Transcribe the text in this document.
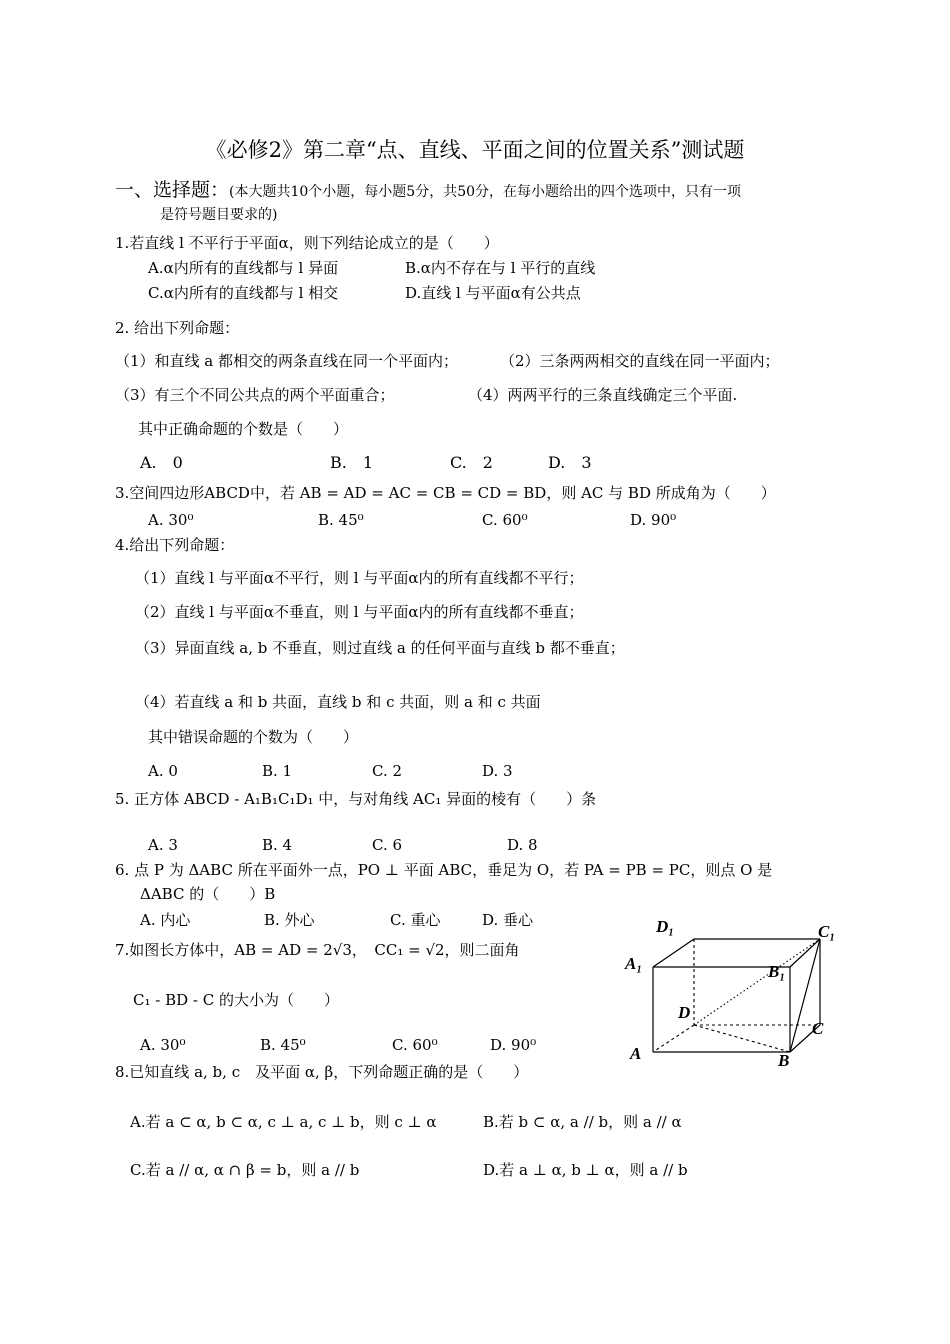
《必修2》第二章“点、直线、平面之间的位置关系”测试题
一、选择题：(本大题共10个小题，每小题5分，共50分，在每小题给出的四个选项中，只有一项
是符号题目要求的)
1.若直线 l 不平行于平面α，则下列结论成立的是（　　）
A.α内所有的直线都与 l 异面	B.α内不存在与 l 平行的直线
C.α内所有的直线都与 l 相交	D.直线 l 与平面α有公共点
2. 给出下列命题：
（1）和直线 a 都相交的两条直线在同一个平面内；	（2）三条两两相交的直线在同一平面内；
（3）有三个不同公共点的两个平面重合；	（4）两两平行的三条直线确定三个平面.
其中正确命题的个数是（　　）
A.　0	B.　1	C.　2	D.　3
3.空间四边形ABCD中，若 AB = AD = AC = CB = CD = BD，则 AC 与 BD 所成角为（　　）
A. 30⁰	B. 45⁰	C. 60⁰	D. 90⁰
4.给出下列命题：
（1）直线 l 与平面α不平行，则 l 与平面α内的所有直线都不平行；
（2）直线 l 与平面α不垂直，则 l 与平面α内的所有直线都不垂直；
（3）异面直线 a, b 不垂直，则过直线 a 的任何平面与直线 b 都不垂直；
（4）若直线 a 和 b 共面，直线 b 和 c 共面，则 a 和 c 共面
其中错误命题的个数为（　　）
A. 0	B. 1	C. 2	D. 3
5. 正方体 ABCD - A₁B₁C₁D₁ 中，与对角线 AC₁ 异面的棱有（　　）条
A. 3	B. 4	C. 6	D. 8
6. 点 P 为 ΔABC 所在平面外一点，PO ⊥ 平面 ABC，垂足为 O，若 PA = PB = PC，则点 O 是
ΔABC 的（　　）B
A. 内心	B. 外心	C. 重心	D. 垂心
7.如图长方体中，AB = AD = 2√3，　CC₁ = √2，则二面角
C₁ - BD - C 的大小为（　　）
A. 30⁰	B. 45⁰	C. 60⁰	D. 90⁰
8.已知直线 a, b, c　及平面 α, β，下列命题正确的是（　　）
A.若 a ⊂ α, b ⊂ α, c ⊥ a, c ⊥ b，则 c ⊥ α	B.若 b ⊂ α, a // b，则 a // α
C.若 a // α, α ∩ β = b，则 a // b	D.若 a ⊥ α, b ⊥ α，则 a // b
D₁	C₁
A₁	B₁
D
C
A	B
